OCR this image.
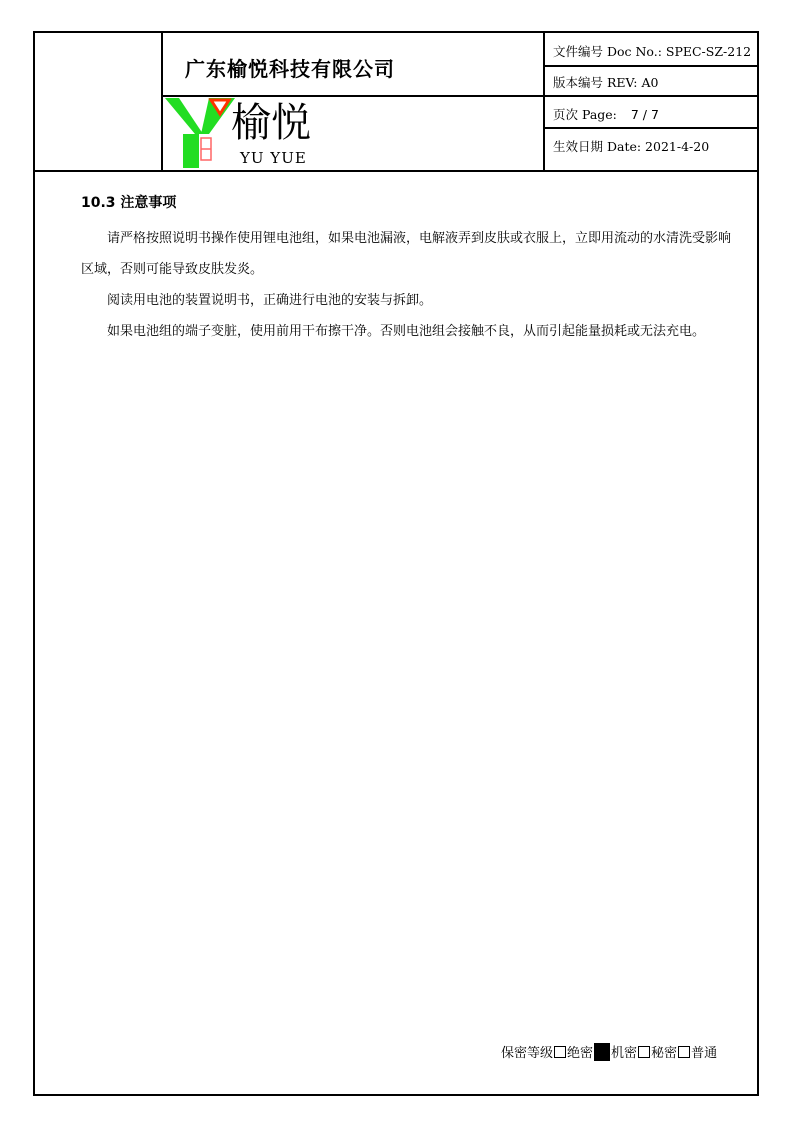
广东榆悦科技有限公司
文件编号 Doc No.: SPEC-SZ-212
版本编号 REV: A0
页次 Page: 7 / 7
生效日期 Date: 2021-4-20
榆悦
YU YUE
10.3 注意事项

请严格按照说明书操作使用锂电池组，如果电池漏液，电解液弄到皮肤或衣服上，立即用流动的水清洗受影响区域，否则可能导致皮肤发炎。

阅读用电池的装置说明书，正确进行电池的安装与拆卸。

如果电池组的端子变脏，使用前用干布擦干净。否则电池组会接触不良，从而引起能量损耗或无法充电。

保密等级 绝密 机密 秘密 普通
